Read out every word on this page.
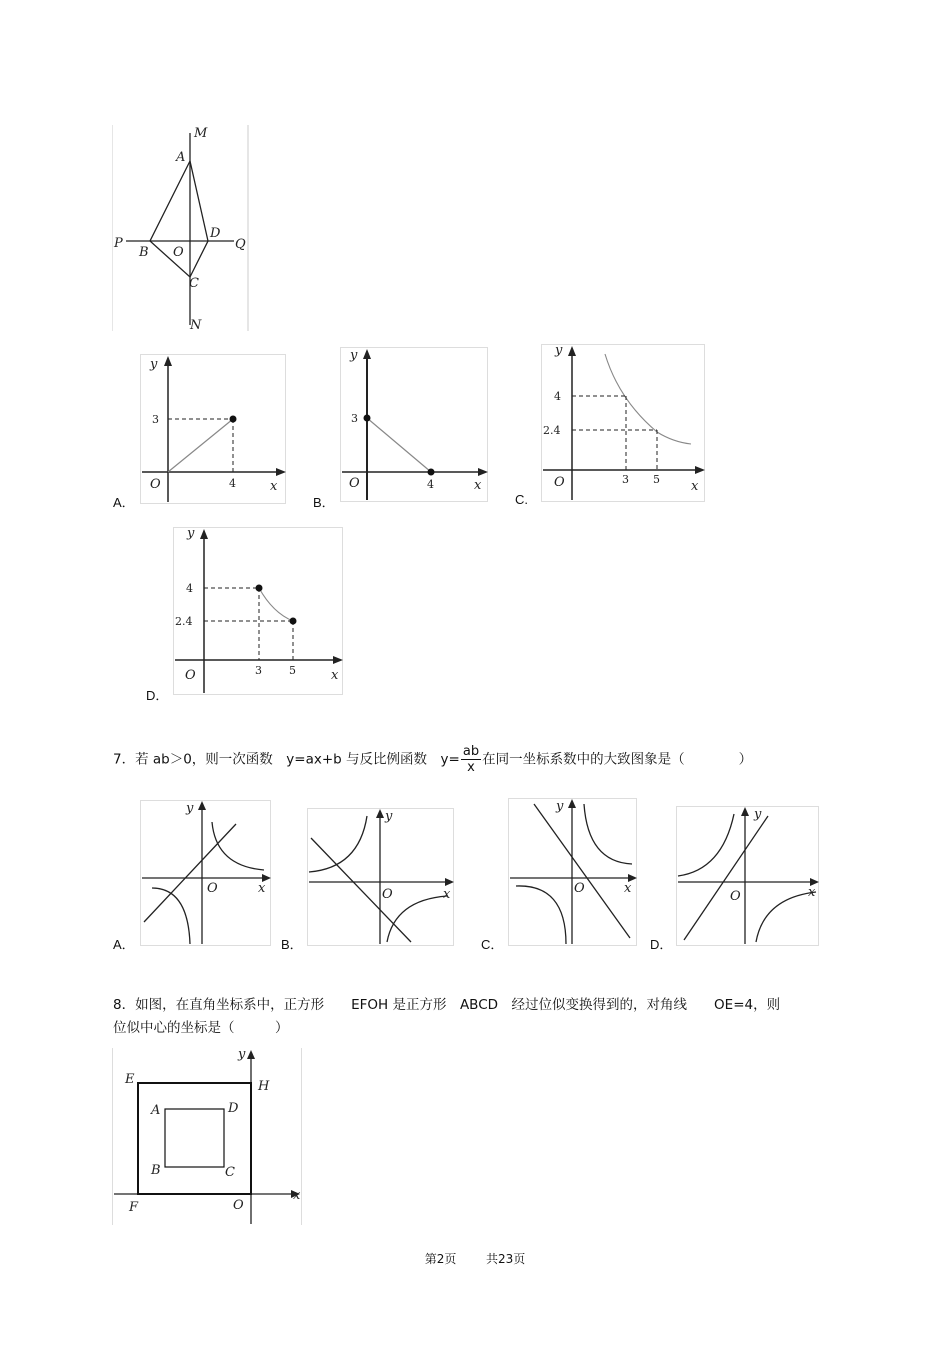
M
A
P
B O
D
Q
C
N
A．
y
x
O
3
4
B．
y
x
O
3
4
C.
y
x
O
4
2.4
3 5
D．
y
x
O
4
2.4
3 5
7．若 ab＞0，则一次函数　y=ax+b 与反比例函数　$y= \frac{ab}{x}$ 在同一坐标系数中的大致图象是（　　　　）
A．
y
x
O
B．
y
x
O
C．
y
x
O
D．
y
x
O
8．如图，在直角坐标系中，正方形　　EFOH 是正方形　ABCD　经过位似变换得到的，对角线　　OE=4，则
位似中心的坐标是（　　　）
E	H
A	D
B	C
F	O
x
y
第2页 共23页
